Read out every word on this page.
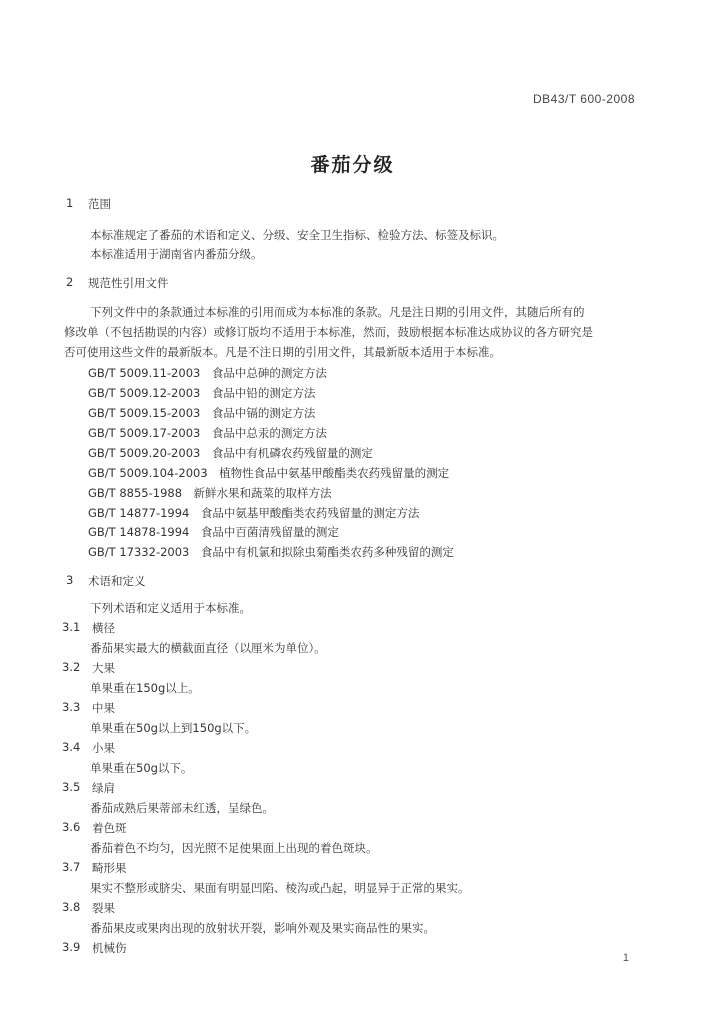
DB43/T 600-2008
番茄分级
1 范围
本标准规定了番茄的术语和定义、分级、安全卫生指标、检验方法、标签及标识。
本标准适用于湖南省内番茄分级。
2 规范性引用文件
下列文件中的条款通过本标准的引用而成为本标准的条款。凡是注日期的引用文件，其随后所有的
修改单（不包括勘误的内容）或修订版均不适用于本标准，然而，鼓励根据本标准达成协议的各方研究是
否可使用这些文件的最新版本。凡是不注日期的引用文件，其最新版本适用于本标准。
GB/T 5009.11-2003　食品中总砷的测定方法
GB/T 5009.12-2003　食品中铅的测定方法
GB/T 5009.15-2003　食品中镉的测定方法
GB/T 5009.17-2003　食品中总汞的测定方法
GB/T 5009.20-2003　食品中有机磷农药残留量的测定
GB/T 5009.104-2003　植物性食品中氨基甲酸酯类农药残留量的测定
GB/T 8855-1988　新鲜水果和蔬菜的取样方法
GB/T 14877-1994　食品中氨基甲酸酯类农药残留量的测定方法
GB/T 14878-1994　食品中百菌清残留量的测定
GB/T 17332-2003　食品中有机氯和拟除虫菊酯类农药多种残留的测定
3 术语和定义
下列术语和定义适用于本标准。
3.1 横径
番茄果实最大的横截面直径（以厘米为单位）。
3.2 大果
单果重在150g以上。
3.3 中果
单果重在50g以上到150g以下。
3.4 小果
单果重在50g以下。
3.5 绿肩
番茄成熟后果蒂部未红透，呈绿色。
3.6 着色斑
番茄着色不均匀，因光照不足使果面上出现的着色斑块。
3.7 畸形果
果实不整形或脐尖、果面有明显凹陷、棱沟或凸起，明显异于正常的果实。
3.8 裂果
番茄果皮或果肉出现的放射状开裂，影响外观及果实商品性的果实。
3.9 机械伤
1
